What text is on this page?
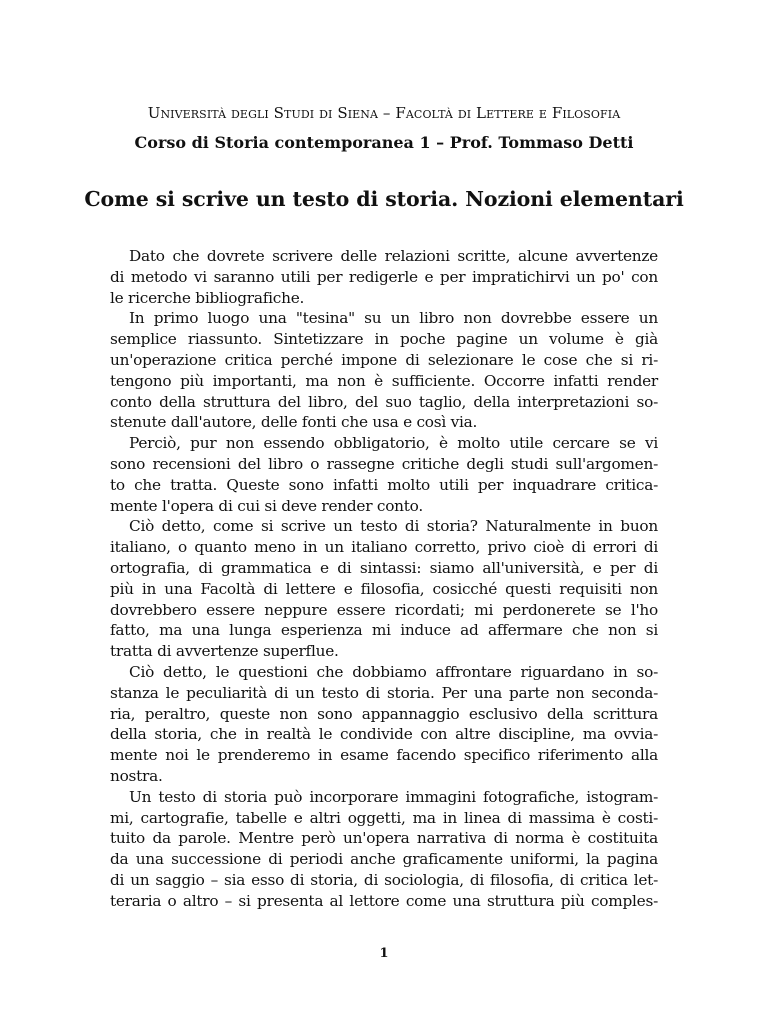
Università degli Studi di Siena – Facoltà di Lettere e Filosofia
Corso di Storia contemporanea 1 – Prof. Tommaso Detti
Come si scrive un testo di storia. Nozioni elementari
Dato che dovrete scrivere delle relazioni scritte, alcune avvertenze
di metodo vi saranno utili per redigerle e per impratichirvi un po' con
le ricerche bibliografiche.
In primo luogo una "tesina" su un libro non dovrebbe essere un
semplice riassunto. Sintetizzare in poche pagine un volume è già
un'operazione critica perché impone di selezionare le cose che si ri-
tengono più importanti, ma non è sufficiente. Occorre infatti render
conto della struttura del libro, del suo taglio, della interpretazioni so-
stenute dall'autore, delle fonti che usa e così via.
Perciò, pur non essendo obbligatorio, è molto utile cercare se vi
sono recensioni del libro o rassegne critiche degli studi sull'argomen-
to che tratta. Queste sono infatti molto utili per inquadrare critica-
mente l'opera di cui si deve render conto.
Ciò detto, come si scrive un testo di storia? Naturalmente in buon
italiano, o quanto meno in un italiano corretto, privo cioè di errori di
ortografia, di grammatica e di sintassi: siamo all'università, e per di
più in una Facoltà di lettere e filosofia, cosicché questi requisiti non
dovrebbero essere neppure essere ricordati; mi perdonerete se l'ho
fatto, ma una lunga esperienza mi induce ad affermare che non si
tratta di avvertenze superflue.
Ciò detto, le questioni che dobbiamo affrontare riguardano in so-
stanza le peculiarità di un testo di storia. Per una parte non seconda-
ria, peraltro, queste non sono appannaggio esclusivo della scrittura
della storia, che in realtà le condivide con altre discipline, ma ovvia-
mente noi le prenderemo in esame facendo specifico riferimento alla
nostra.
Un testo di storia può incorporare immagini fotografiche, istogram-
mi, cartografie, tabelle e altri oggetti, ma in linea di massima è costi-
tuito da parole. Mentre però un'opera narrativa di norma è costituita
da una successione di periodi anche graficamente uniformi, la pagina
di un saggio – sia esso di storia, di sociologia, di filosofia, di critica let-
teraria o altro – si presenta al lettore come una struttura più comples-
1
